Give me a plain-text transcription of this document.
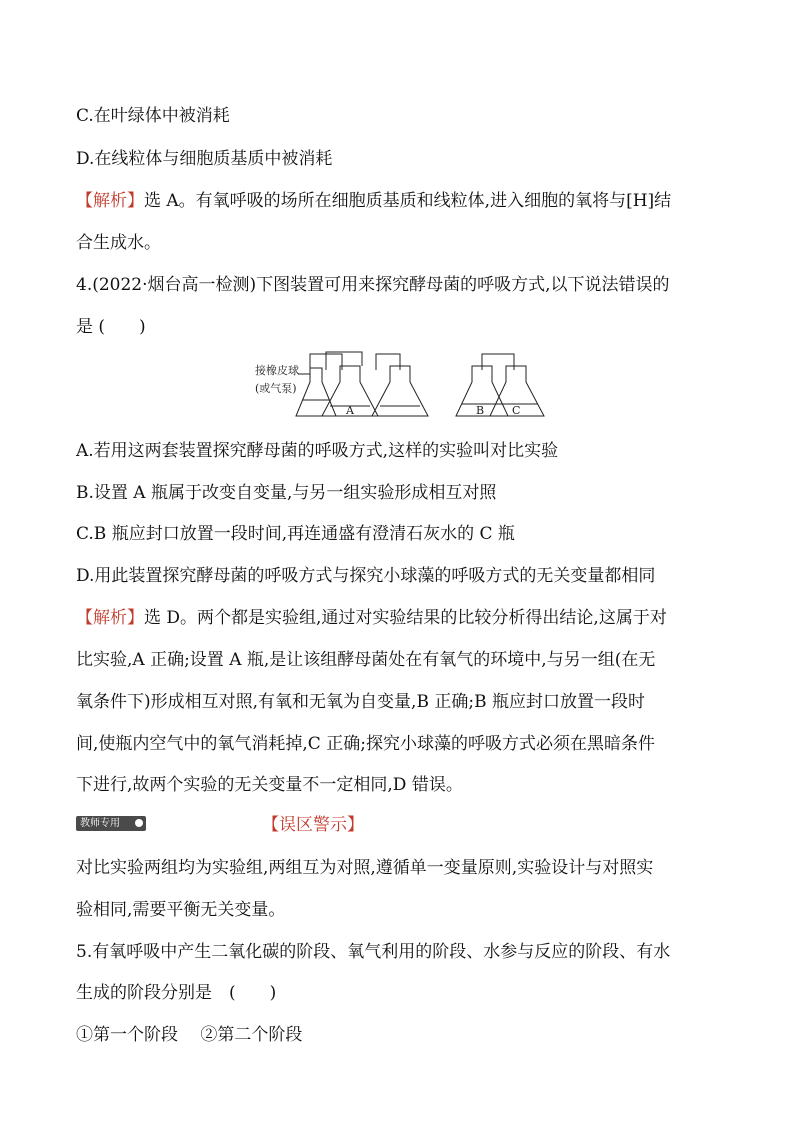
C.在叶绿体中被消耗
D.在线粒体与细胞质基质中被消耗
【解析】选 A。有氧呼吸的场所在细胞质基质和线粒体,进入细胞的氧将与[H]结
合生成水。
4.(2022·烟台高一检测)下图装置可用来探究酵母菌的呼吸方式,以下说法错误的
是 (　　)
接橡皮球
(或气泵)
A	B	C
A.若用这两套装置探究酵母菌的呼吸方式,这样的实验叫对比实验
B.设置 A 瓶属于改变自变量,与另一组实验形成相互对照
C.B 瓶应封口放置一段时间,再连通盛有澄清石灰水的 C 瓶
D.用此装置探究酵母菌的呼吸方式与探究小球藻的呼吸方式的无关变量都相同
【解析】选 D。两个都是实验组,通过对实验结果的比较分析得出结论,这属于对
比实验,A 正确;设置 A 瓶,是让该组酵母菌处在有氧气的环境中,与另一组(在无
氧条件下)形成相互对照,有氧和无氧为自变量,B 正确;B 瓶应封口放置一段时
间,使瓶内空气中的氧气消耗掉,C 正确;探究小球藻的呼吸方式必须在黑暗条件
下进行,故两个实验的无关变量不一定相同,D 错误。
教师专用	【误区警示】
对比实验两组均为实验组,两组互为对照,遵循单一变量原则,实验设计与对照实
验相同,需要平衡无关变量。
5.有氧呼吸中产生二氧化碳的阶段、氧气利用的阶段、水参与反应的阶段、有水
生成的阶段分别是　(　　)
①第一个阶段　 ②第二个阶段
